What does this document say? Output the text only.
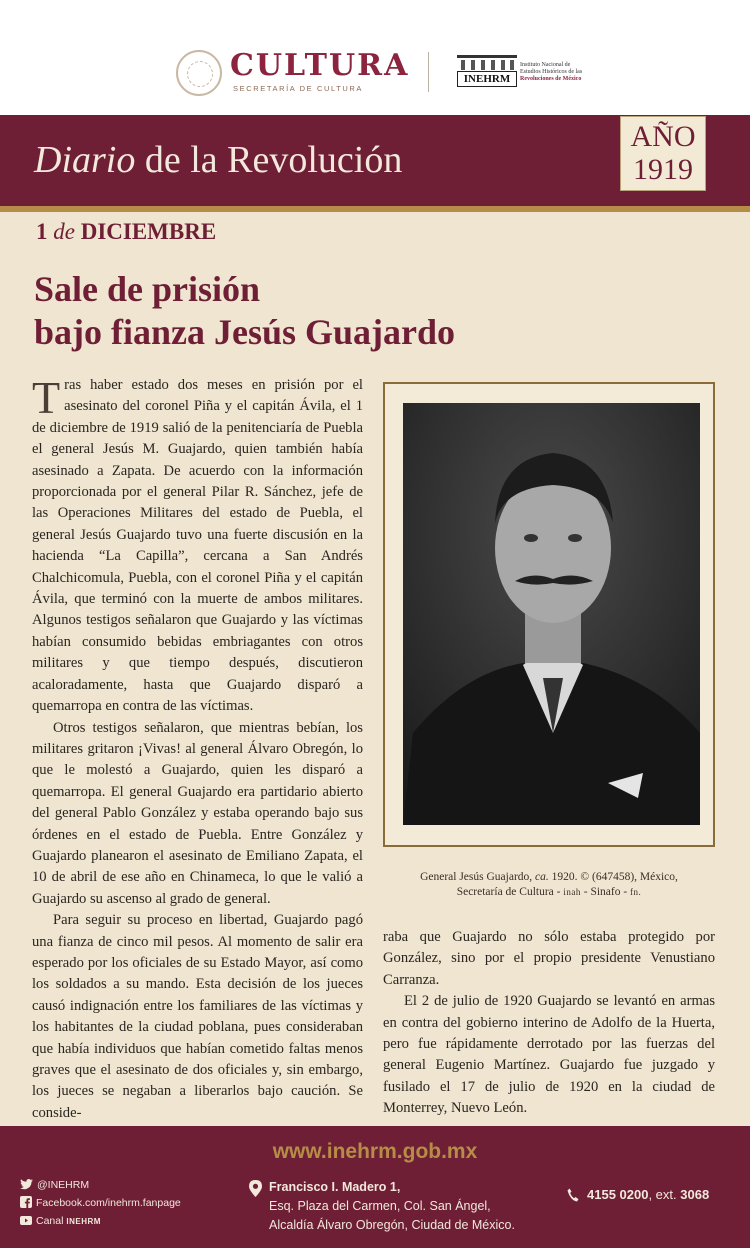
CULTURA
SECRETARÍA DE CULTURA
INEHRM
Instituto Nacional de
Estudios Históricos de las
Revoluciones de México
Diario de la Revolución
AÑO
1919
1 de DICIEMBRE
Sale de prisión
bajo fianza Jesús Guajardo

Tras haber estado dos meses en prisión por el asesinato del coronel Piña y el capitán Ávila, el 1 de diciembre de 1919 salió de la penitenciaría de Puebla el general Jesús M. Guajardo, quien también había asesinado a Zapata. De acuerdo con la información proporcionada por el general Pilar R. Sánchez, jefe de las Operaciones Militares del estado de Puebla, el general Jesús Guajardo tuvo una fuerte discusión en la hacienda “La Capilla”, cercana a San Andrés Chalchicomula, Puebla, con el coronel Piña y el capitán Ávila, que terminó con la muerte de ambos militares. Algunos testigos señalaron que Guajardo y las víctimas habían consumido bebidas embriagantes con otros militares y que tiempo después, discutieron acaloradamente, hasta que Guajardo disparó a quemarropa en contra de las víctimas.

Otros testigos señalaron, que mientras bebían, los militares gritaron ¡Vivas! al general Álvaro Obregón, lo que le molestó a Guajardo, quien les disparó a quemarropa. El general Guajardo era partidario abierto del general Pablo González y estaba operando bajo sus órdenes en el estado de Puebla. Entre González y Guajardo planearon el asesinato de Emiliano Zapata, el 10 de abril de ese año en Chinameca, lo que le valió a Guajardo su ascenso al grado de general.

Para seguir su proceso en libertad, Guajardo pagó una fianza de cinco mil pesos. Al momento de salir era esperado por los oficiales de su Estado Mayor, así como los soldados a su mando. Esta decisión de los jueces causó indignación entre los familiares de las víctimas y los habitantes de la ciudad poblana, pues consideraban que había individuos que habían cometido faltas menos graves que el asesinato de dos oficiales y, sin embargo, los jueces se negaban a liberarlos bajo caución. Se conside-

General Jesús Guajardo, ca. 1920. © (647458), México,
Secretaría de Cultura - inah - Sinafo - fn.

raba que Guajardo no sólo estaba protegido por González, sino por el propio presidente Venustiano Carranza.

El 2 de julio de 1920 Guajardo se levantó en armas en contra del gobierno interino de Adolfo de la Huerta, pero fue rápidamente derrotado por las fuerzas del general Eugenio Martínez. Guajardo fue juzgado y fusilado el 17 de julio de 1920 en la ciudad de Monterrey, Nuevo León.

www.inehrm.gob.mx
@INEHRM
Facebook.com/inehrm.fanpage
Canal INEHRM
Francisco I. Madero 1,
Esq. Plaza del Carmen, Col. San Ángel,
Alcaldía Álvaro Obregón, Ciudad de México.
4155 0200, ext. 3068
